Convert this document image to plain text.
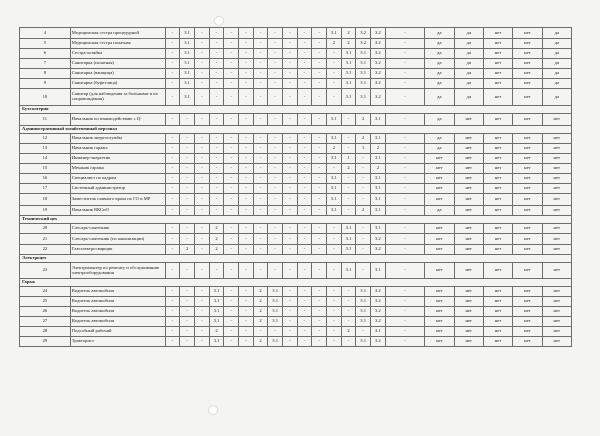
4	Медицинская сестра процедурной	-	3.1	-	-	-	-	-	-	-	-	-	3.1	2	3.2	3.2	-	да	да	нет	нет	да
5	Медицинская сестра палатная	-	3.1	-	-	-	-	-	-	-	-	-	2	2	3.2	3.2	-	да	да	нет	нет	да
6	Сестра-хозяйка	-	3.1	-	-	-	-	-	-	-	-	-	-	3.1	3.1	3.2	-	да	да	нет	нет	да
7	Санитарка (палатная)	-	3.1	-	-	-	-	-	-	-	-	-	-	3.1	3.1	3.2	-	да	да	нет	нет	да
8	Санитарка (ванщица)	-	3.1	-	-	-	-	-	-	-	-	-	-	3.1	3.1	3.2	-	да	да	нет	нет	да
9	Санитарка (буфетчица)	-	3.1	-	-	-	-	-	-	-	-	-	-	3.1	3.1	3.2	-	да	да	нет	нет	да
10	Санитар (для наблюдения за больными и их сопровождения)	-	3.1	-	-	-	-	-	-	-	-	-	-	3.1	3.1	3.2	-	да	да	нет	нет	да
Бухгалтерия																						
11	Начальник по взаимодействию с Ц-	-	-	-	-	-	-	-	-	-	-	-	3.1	-	2	3.1	-	да	нет	нет	нет	нет
Административный хозяйственный персонал																						
12	Начальник энергослужбы	-	-	-	-	-	-	-	-	-	-	-	3.1	-	2	3.1	-	да	нет	нет	нет	нет
13	Начальник гаража	-	-	-	-	-	-	-	-	-	-	-	2	-	1	2	-	да	нет	нет	нет	нет
14	Инженер-энергетик	-	-	-	-	-	-	-	-	-	-	-	3.1	1	-	3.1	-	нет	нет	нет	нет	нет
15	Механик гаража	-	-	-	-	-	-	-	-	-	-	-	-	2	-	2	-	нет	нет	нет	нет	нет
16	Специалист по кадрам	-	-	-	-	-	-	-	-	-	-	-	3.1	-	-	3.1	-	нет	нет	нет	нет	нет
17	Системный администратор	-	-	-	-	-	-	-	-	-	-	-	3.1	-	-	3.1	-	нет	нет	нет	нет	нет
18	Заместитель главного врача по ГО и МР	-	-	-	-	-	-	-	-	-	-	-	3.1	-	-	3.1	-	нет	нет	нет	нет	нет
19	Начальник ВКСиО	-	-	-	-	-	-	-	-	-	-	-	3.1	-	2	3.1	-	да	нет	нет	нет	нет
Технический цех																						
20	Слесарь-сантехник	-	-	-	2	-	-	-	-	-	-	-	-	3.1	-	3.1	-	нет	нет	нет	нет	нет
21	Слесарь-сантехник (по канализации)	-	-	-	2	-	-	-	-	-	-	-	-	3.1	-	3.2	-	нет	нет	нет	нет	нет
22	Газоэлектросварщик	-	2	-	2	-	-	-	-	-	-	-	-	3.1	-	3.2	-	нет	нет	нет	нет	нет
Электроцех																						
23	Электромонтер по ремонту и обслуживанию электрооборудования	-	-	-	-	-	-	-	-	-	-	-	-	3.1	-	3.1	-	нет	нет	нет	нет	нет
Гараж																						
24	Водитель автомобиля	-	-	-	3.1	-	-	2	3.1	-	-	-	-	-	3.1	3.2	-	нет	нет	нет	нет	нет
25	Водитель автомобиля	-	-	-	3.1	-	-	2	3.1	-	-	-	-	-	3.1	3.2	-	нет	нет	нет	нет	нет
26	Водитель автомобиля	-	-	-	3.1	-	-	2	3.1	-	-	-	-	-	3.1	3.2	-	нет	нет	нет	нет	нет
27	Водитель автомобиля	-	-	-	3.1	-	-	2	3.1	-	-	-	-	-	3.1	3.2	-	нет	нет	нет	нет	нет
28	Подсобный рабочий	-	-	-	2	-	-	-	-	-	-	-	-	2	-	3.1	-	нет	нет	нет	нет	нет
29	Тракторист	-	-	-	3.1	-	-	2	3.1	-	-	-	-	-	3.1	3.2	-	нет	нет	нет	нет	нет
